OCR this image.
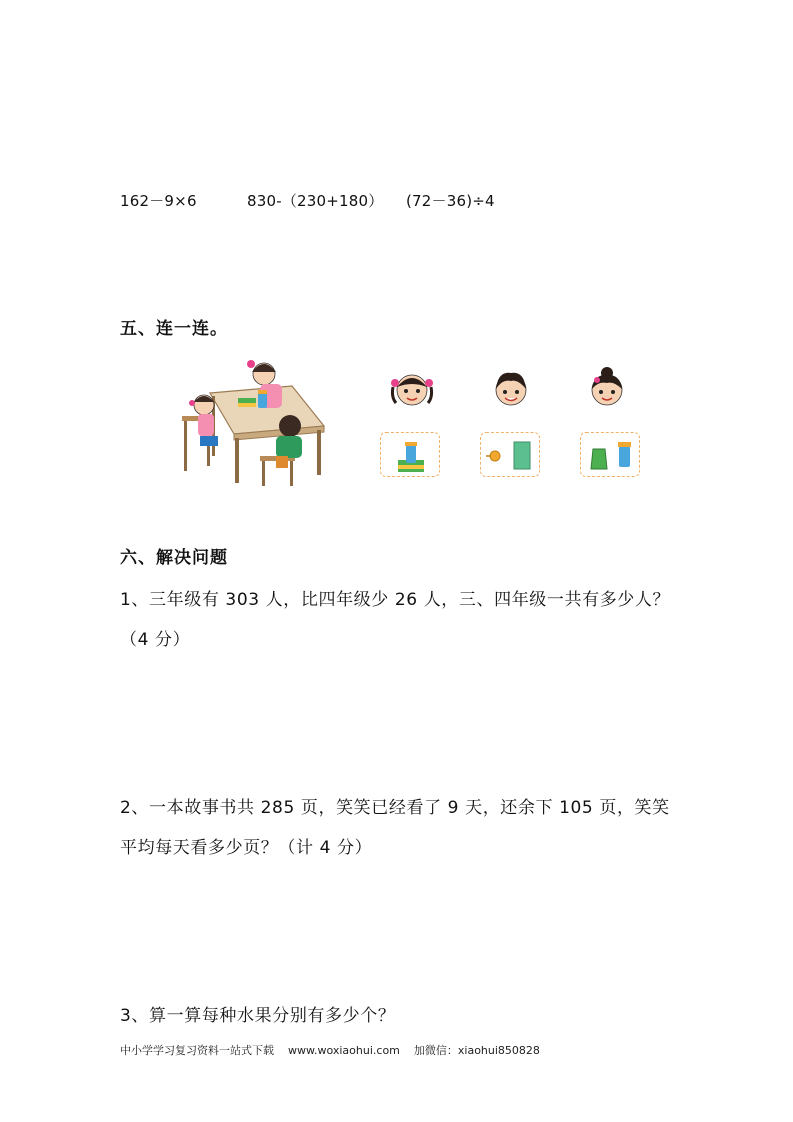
162－9×6	830-（230+180） (72－36)÷4
五、连一连。
六、解决问题
1、三年级有 303 人，比四年级少 26 人，三、四年级一共有多少人？
（4 分）
2、一本故事书共 285 页，笑笑已经看了 9 天，还余下 105 页，笑笑
平均每天看多少页？（计 4 分）
3、算一算每种水果分别有多少个？
中小学学习复习资料一站式下载 www.woxiaohui.com 加微信：xiaohui850828
